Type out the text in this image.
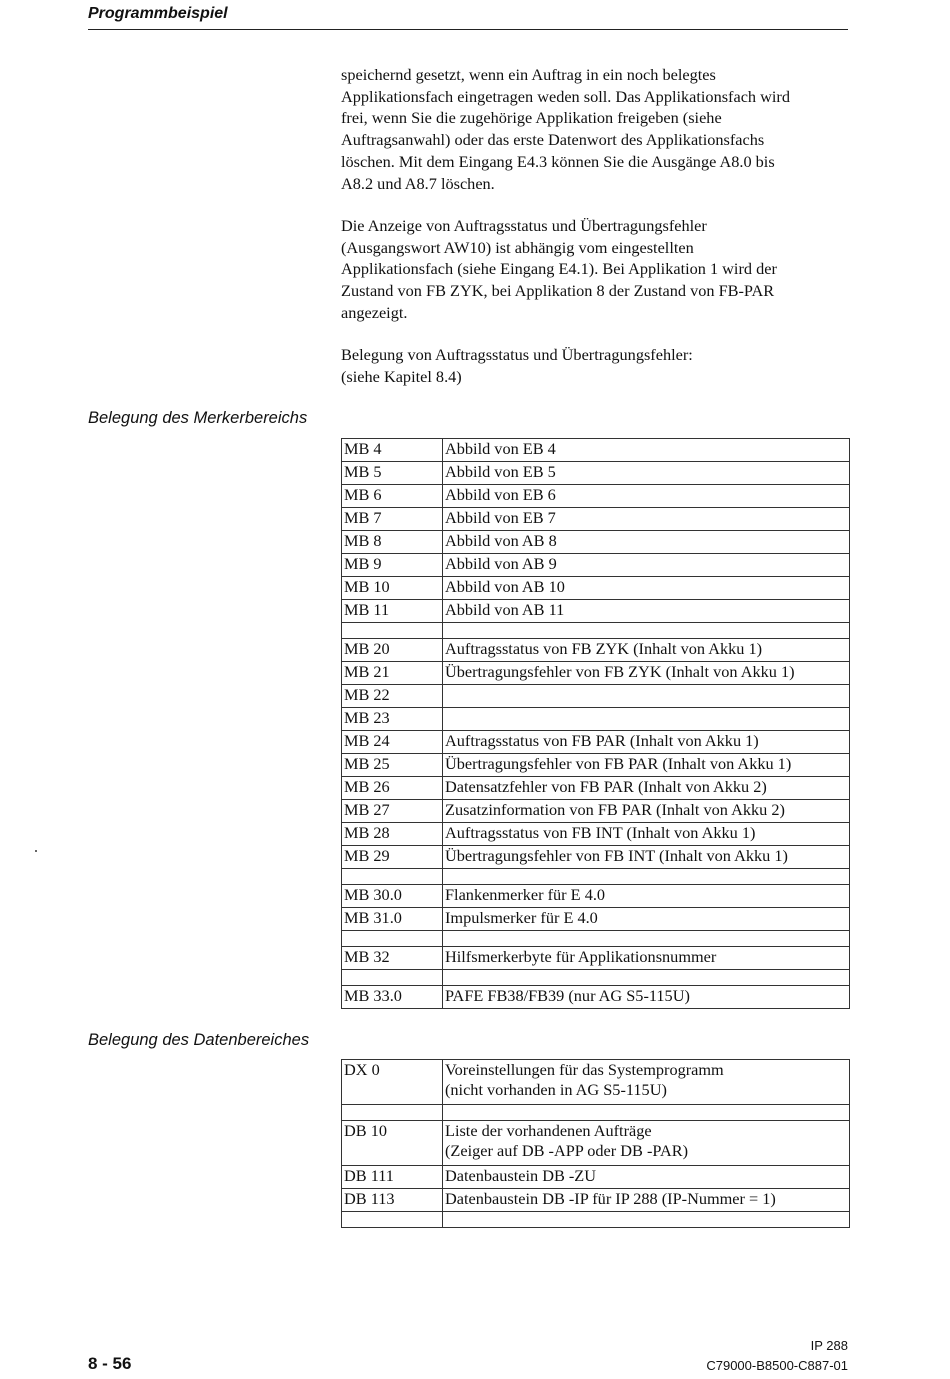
Programmbeispiel
speichernd gesetzt, wenn ein Auftrag in ein noch belegtes
Applikationsfach eingetragen weden soll. Das Applikationsfach wird
frei, wenn Sie die zugehörige Applikation freigeben (siehe
Auftragsanwahl) oder das erste Datenwort des Applikationsfachs
löschen. Mit dem Eingang E4.3 können Sie die Ausgänge A8.0 bis
A8.2 und A8.7 löschen.
Die Anzeige von Auftragsstatus und Übertragungsfehler
(Ausgangswort AW10) ist abhängig vom eingestellten
Applikationsfach (siehe Eingang E4.1). Bei Applikation 1 wird der
Zustand von FB ZYK, bei Applikation 8 der Zustand von FB-PAR
angezeigt.
Belegung von Auftragsstatus und Übertragungsfehler:
(siehe Kapitel 8.4)
Belegung des Merkerbereichs
MB 4	Abbild von EB 4
MB 5	Abbild von EB 5
MB 6	Abbild von EB 6
MB 7	Abbild von EB 7
MB 8	Abbild von AB 8
MB 9	Abbild von AB 9
MB 10	Abbild von AB 10
MB 11	Abbild von AB 11

MB 20	Auftragsstatus von FB ZYK (Inhalt von Akku 1)
MB 21	Übertragungsfehler von FB ZYK (Inhalt von Akku 1)
MB 22	
MB 23	
MB 24	Auftragsstatus von FB PAR (Inhalt von Akku 1)
MB 25	Übertragungsfehler von FB PAR (Inhalt von Akku 1)
MB 26	Datensatzfehler von FB PAR (Inhalt von Akku 2)
MB 27	Zusatzinformation von FB PAR (Inhalt von Akku 2)
MB 28	Auftragsstatus von FB INT (Inhalt von Akku 1)
MB 29	Übertragungsfehler von FB INT (Inhalt von Akku 1)

MB 30.0	Flankenmerker für E 4.0
MB 31.0	Impulsmerker für E 4.0

MB 32	Hilfsmerkerbyte für Applikationsnummer

MB 33.0	PAFE FB38/FB39 (nur AG S5-115U)
Belegung des Datenbereiches
DX 0	Voreinstellungen für das Systemprogramm
(nicht vorhanden in AG S5-115U)

DB 10	Liste der vorhandenen Aufträge
(Zeiger auf DB -APP oder DB -PAR)

DB 111	Datenbaustein DB -ZU

DB 113	Datenbaustein DB -IP für IP 288 (IP-Nummer = 1)

IP 288
C79000-B8500-C887-01
8 - 56
